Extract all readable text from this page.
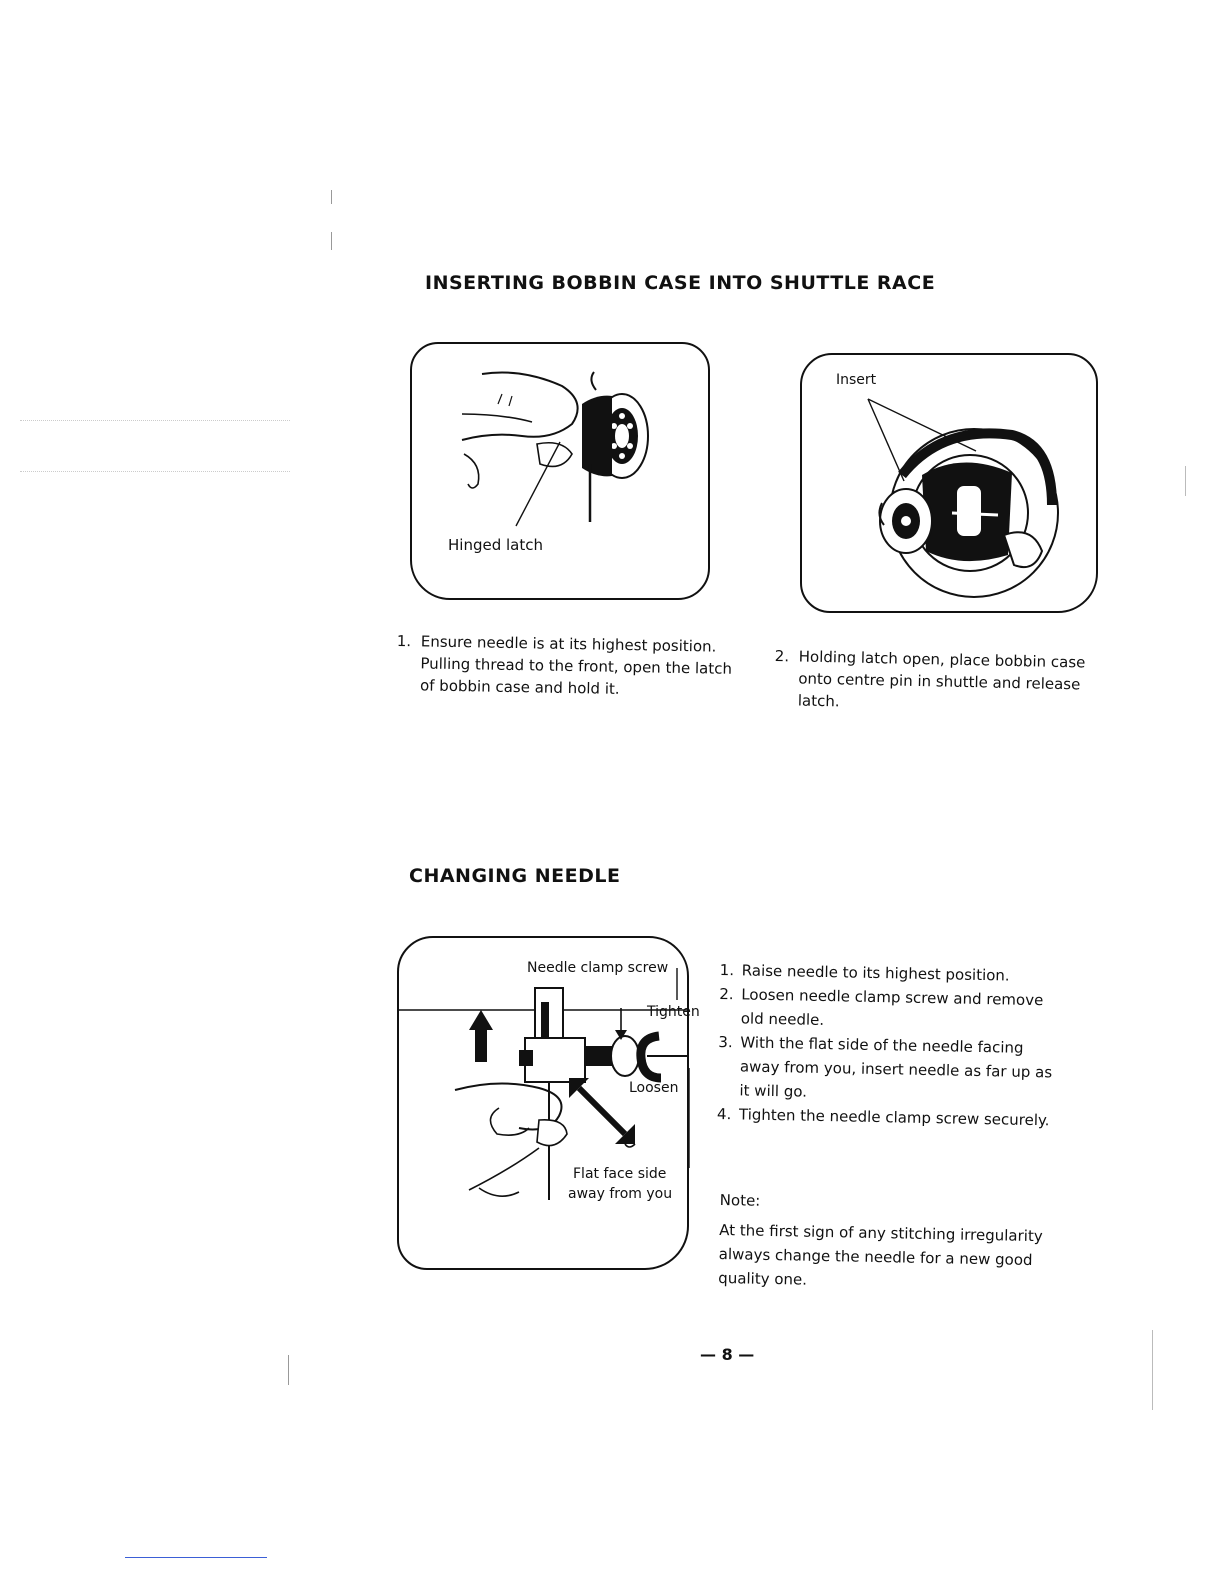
INSERTING BOBBIN CASE INTO SHUTTLE RACE
Hinged latch
Insert

1. Ensure needle is at its highest position. Pulling thread to the front, open the latch of bobbin case and hold it.

2. Holding latch open, place bobbin case onto centre pin in shuttle and release latch.

CHANGING NEEDLE
Needle clamp screw
Tighten
Loosen
Flat face side
away from you
1. Raise needle to its highest position.
2. Loosen needle clamp screw and remove old needle.
3. With the flat side of the needle facing away from you, insert needle as far up as it will go.
4. Tighten the needle clamp screw securely.

Note:

At the first sign of any stitching irregularity always change the needle for a new good quality one.

— 8 —
